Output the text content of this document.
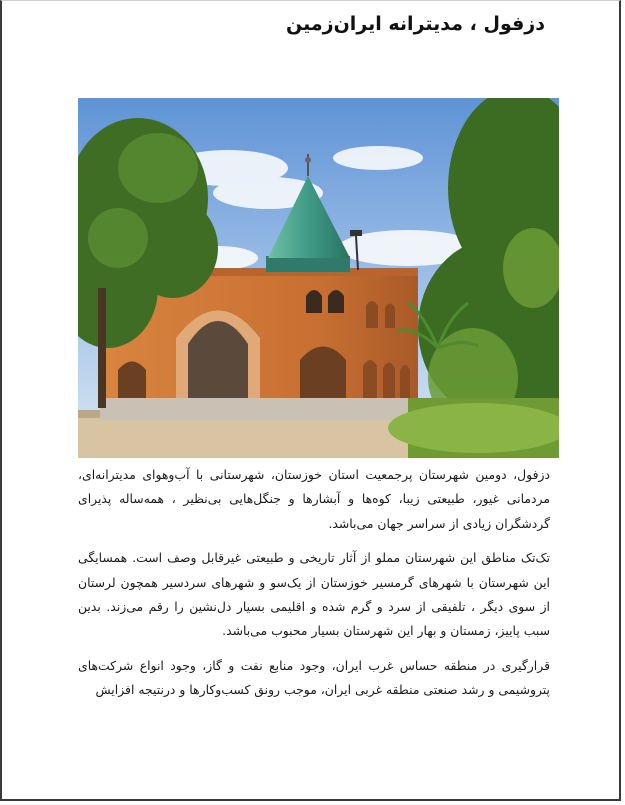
دزفول ، مدیترانه ایران‌زمین

دزفول، دومین شهرستان پرجمعیت استان خوزستان، شهرستانی با آب‌وهوای مدیترانه‌ای، مردمانی غیور، طبیعتی زیبا، کوه‌ها و آبشارها و جنگل‌هایی بی‌نظیر ، همه‌ساله پذیرای گردشگران زیادی از سراسر جهان می‌باشد.

تک‌تک مناطق این شهرستان مملو از آثار تاریخی و طبیعتی غیرقابل وصف است. همسایگی این شهرستان با شهرهای گرمسیر خوزستان از یک‌سو و شهرهای سردسیر همچون لرستان از سوی دیگر ، تلفیقی از سرد و گرم شده و اقلیمی بسیار دل‌نشین را رقم می‌زند. بدین سبب پاییز، زمستان و بهار این شهرستان بسیار محبوب می‌باشد.

قرارگیری در منطقه حساس غرب ایران، وجود منابع نفت و گاز، وجود انواع شرکت‌های پتروشیمی و رشد صنعتی منطقه غربی ایران، موجب رونق کسب‌وکارها و درنتیجه افزایش
